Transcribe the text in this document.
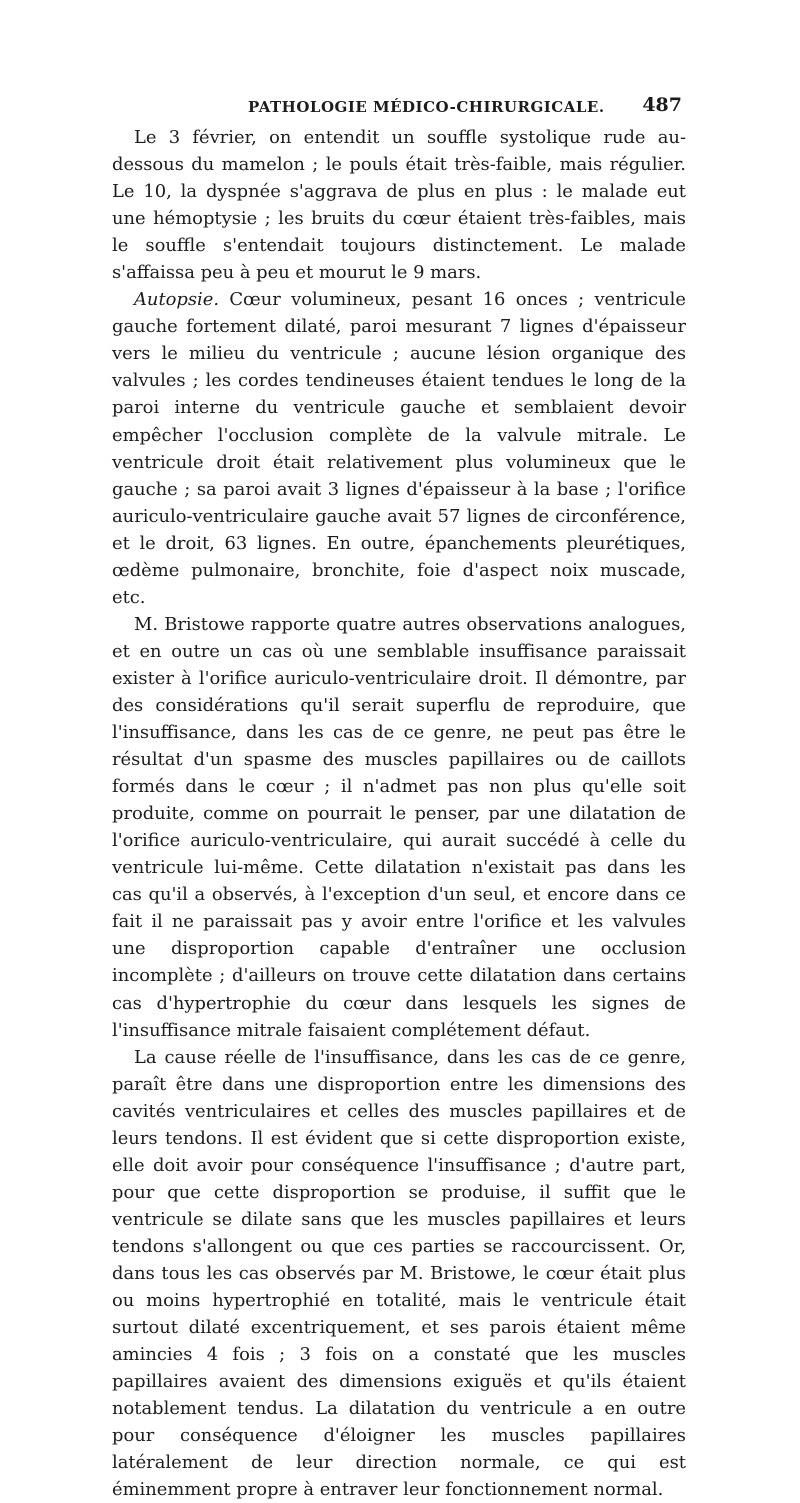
PATHOLOGIE MÉDICO-CHIRURGICALE. 487

Le 3 février, on entendit un souffle systolique rude au-dessous du mamelon ; le pouls était très-faible, mais régulier. Le 10, la dyspnée s'aggrava de plus en plus : le malade eut une hémoptysie ; les bruits du cœur étaient très-faibles, mais le souffle s'entendait toujours distinctement. Le malade s'affaissa peu à peu et mourut le 9 mars.

Autopsie. Cœur volumineux, pesant 16 onces ; ventricule gauche fortement dilaté, paroi mesurant 7 lignes d'épaisseur vers le milieu du ventricule ; aucune lésion organique des valvules ; les cordes tendineuses étaient tendues le long de la paroi interne du ventricule gauche et semblaient devoir empêcher l'occlusion complète de la valvule mitrale. Le ventricule droit était relativement plus volumineux que le gauche ; sa paroi avait 3 lignes d'épaisseur à la base ; l'orifice auriculo-ventriculaire gauche avait 57 lignes de circonférence, et le droit, 63 lignes. En outre, épanchements pleurétiques, œdème pulmonaire, bronchite, foie d'aspect noix muscade, etc.

M. Bristowe rapporte quatre autres observations analogues, et en outre un cas où une semblable insuffisance paraissait exister à l'orifice auriculo-ventriculaire droit. Il démontre, par des considérations qu'il serait superflu de reproduire, que l'insuffisance, dans les cas de ce genre, ne peut pas être le résultat d'un spasme des muscles papillaires ou de caillots formés dans le cœur ; il n'admet pas non plus qu'elle soit produite, comme on pourrait le penser, par une dilatation de l'orifice auriculo-ventriculaire, qui aurait succédé à celle du ventricule lui-même. Cette dilatation n'existait pas dans les cas qu'il a observés, à l'exception d'un seul, et encore dans ce fait il ne paraissait pas y avoir entre l'orifice et les valvules une disproportion capable d'entraîner une occlusion incomplète ; d'ailleurs on trouve cette dilatation dans certains cas d'hypertrophie du cœur dans lesquels les signes de l'insuffisance mitrale faisaient complétement défaut.

La cause réelle de l'insuffisance, dans les cas de ce genre, paraît être dans une disproportion entre les dimensions des cavités ventriculaires et celles des muscles papillaires et de leurs tendons. Il est évident que si cette disproportion existe, elle doit avoir pour conséquence l'insuffisance ; d'autre part, pour que cette disproportion se produise, il suffit que le ventricule se dilate sans que les muscles papillaires et leurs tendons s'allongent ou que ces parties se raccourcissent. Or, dans tous les cas observés par M. Bristowe, le cœur était plus ou moins hypertrophié en totalité, mais le ventricule était surtout dilaté excentriquement, et ses parois étaient même amincies 4 fois ; 3 fois on a constaté que les muscles papillaires avaient des dimensions exiguës et qu'ils étaient notablement tendus. La dilatation du ventricule a en outre pour conséquence d'éloigner les muscles papillaires latéralement de leur direction normale, ce qui est éminemment propre à entraver leur fonctionnement normal.
